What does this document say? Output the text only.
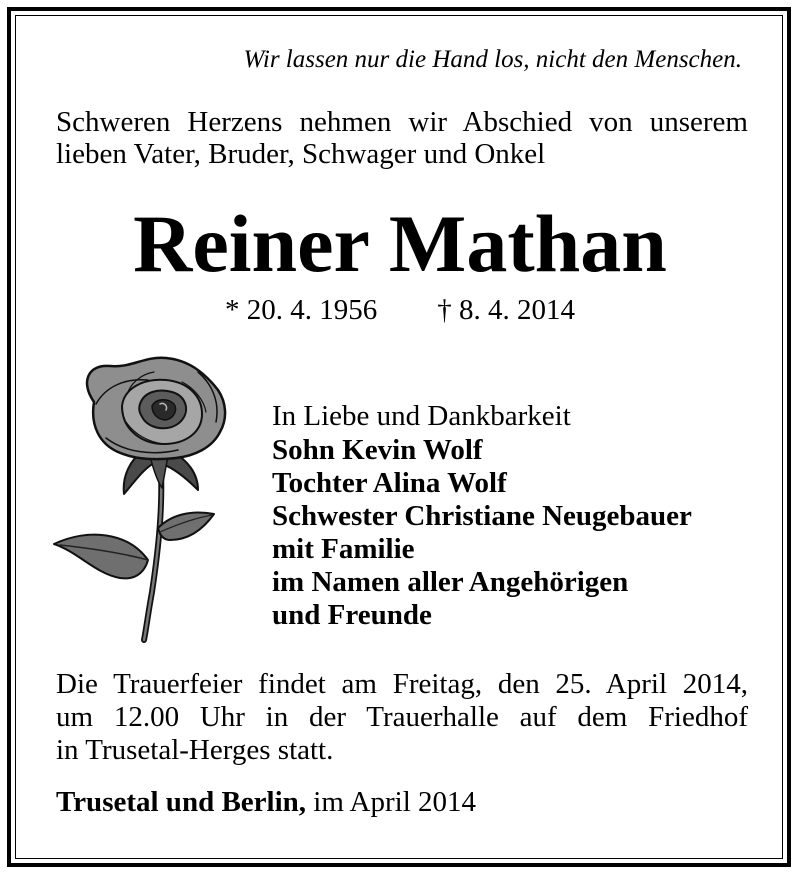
Wir lassen nur die Hand los, nicht den Menschen.
Schweren Herzens nehmen wir Abschied von unserem
lieben Vater, Bruder, Schwager und Onkel
Reiner Mathan
* 20. 4. 1956 † 8. 4. 2014
In Liebe und Dankbarkeit
Sohn Kevin Wolf
Tochter Alina Wolf
Schwester Christiane Neugebauer
mit Familie
im Namen aller Angehörigen
und Freunde
Die Trauerfeier findet am Freitag, den 25. April 2014,
um 12.00 Uhr in der Trauerhalle auf dem Friedhof
in Trusetal-Herges statt.
Trusetal und Berlin, im April 2014
